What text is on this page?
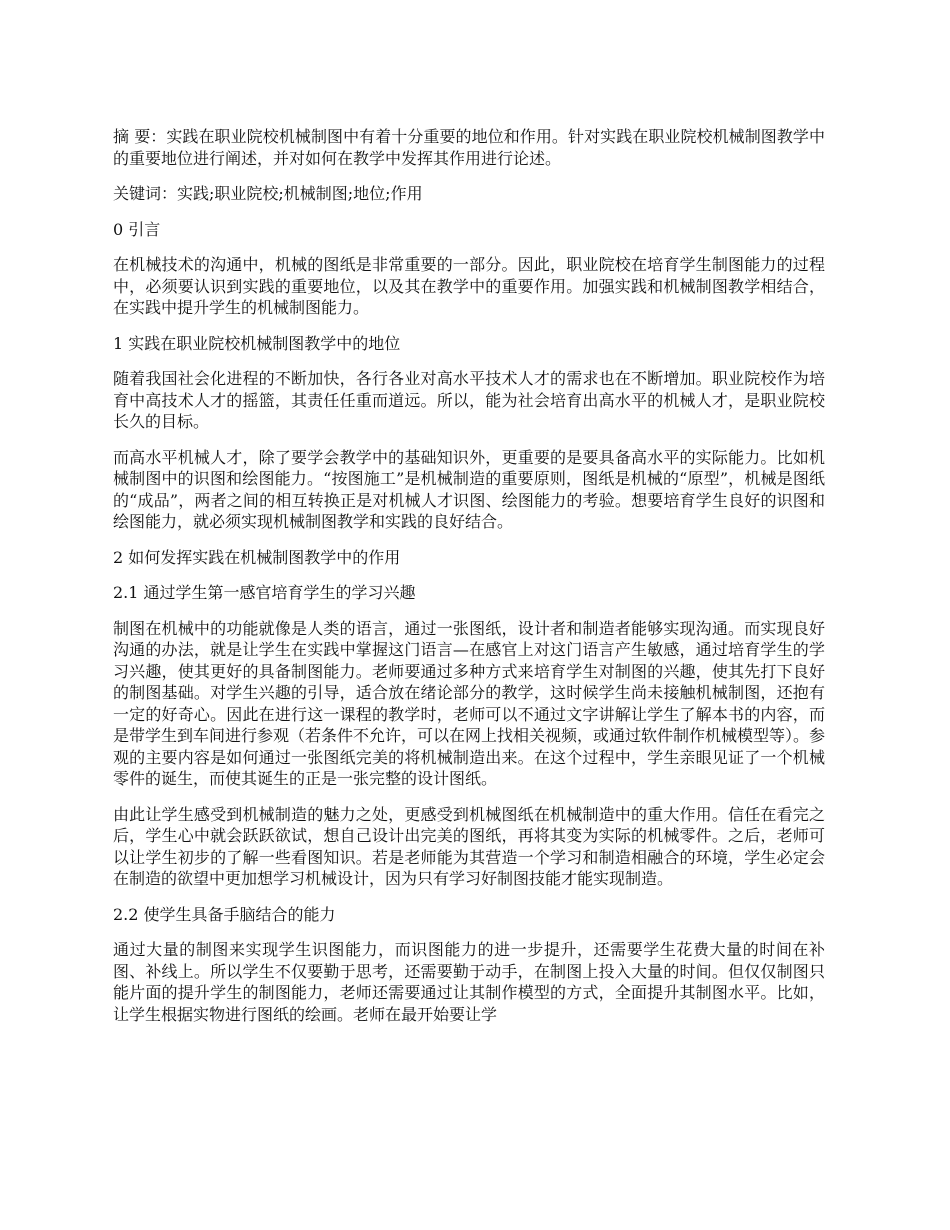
摘 要：实践在职业院校机械制图中有着十分重要的地位和作用。针对实践在职业院校机械制图教学中的重要地位进行阐述，并对如何在教学中发挥其作用进行论述。

关键词：实践;职业院校;机械制图;地位;作用

0 引言

在机械技术的沟通中，机械的图纸是非常重要的一部分。因此，职业院校在培育学生制图能力的过程中，必须要认识到实践的重要地位，以及其在教学中的重要作用。加强实践和机械制图教学相结合，在实践中提升学生的机械制图能力。

1 实践在职业院校机械制图教学中的地位

随着我国社会化进程的不断加快，各行各业对高水平技术人才的需求也在不断增加。职业院校作为培育中高技术人才的摇篮，其责任任重而道远。所以，能为社会培育出高水平的机械人才，是职业院校长久的目标。

而高水平机械人才，除了要学会教学中的基础知识外，更重要的是要具备高水平的实际能力。比如机械制图中的识图和绘图能力。“按图施工”是机械制造的重要原则，图纸是机械的“原型”，机械是图纸的“成品”，两者之间的相互转换正是对机械人才识图、绘图能力的考验。想要培育学生良好的识图和绘图能力，就必须实现机械制图教学和实践的良好结合。

2 如何发挥实践在机械制图教学中的作用

2.1 通过学生第一感官培育学生的学习兴趣

制图在机械中的功能就像是人类的语言，通过一张图纸，设计者和制造者能够实现沟通。而实现良好沟通的办法，就是让学生在实践中掌握这门语言—在感官上对这门语言产生敏感，通过培育学生的学习兴趣，使其更好的具备制图能力。老师要通过多种方式来培育学生对制图的兴趣，使其先打下良好的制图基础。对学生兴趣的引导，适合放在绪论部分的教学，这时候学生尚未接触机械制图，还抱有一定的好奇心。因此在进行这一课程的教学时，老师可以不通过文字讲解让学生了解本书的内容，而是带学生到车间进行参观（若条件不允许，可以在网上找相关视频，或通过软件制作机械模型等）。参观的主要内容是如何通过一张图纸完美的将机械制造出来。在这个过程中，学生亲眼见证了一个机械零件的诞生，而使其诞生的正是一张完整的设计图纸。

由此让学生感受到机械制造的魅力之处，更感受到机械图纸在机械制造中的重大作用。信任在看完之后，学生心中就会跃跃欲试，想自己设计出完美的图纸，再将其变为实际的机械零件。之后，老师可以让学生初步的了解一些看图知识。若是老师能为其营造一个学习和制造相融合的环境，学生必定会在制造的欲望中更加想学习机械设计，因为只有学习好制图技能才能实现制造。

2.2 使学生具备手脑结合的能力

通过大量的制图来实现学生识图能力，而识图能力的进一步提升，还需要学生花费大量的时间在补图、补线上。所以学生不仅要勤于思考，还需要勤于动手，在制图上投入大量的时间。但仅仅制图只能片面的提升学生的制图能力，老师还需要通过让其制作模型的方式，全面提升其制图水平。比如，让学生根据实物进行图纸的绘画。老师在最开始要让学
